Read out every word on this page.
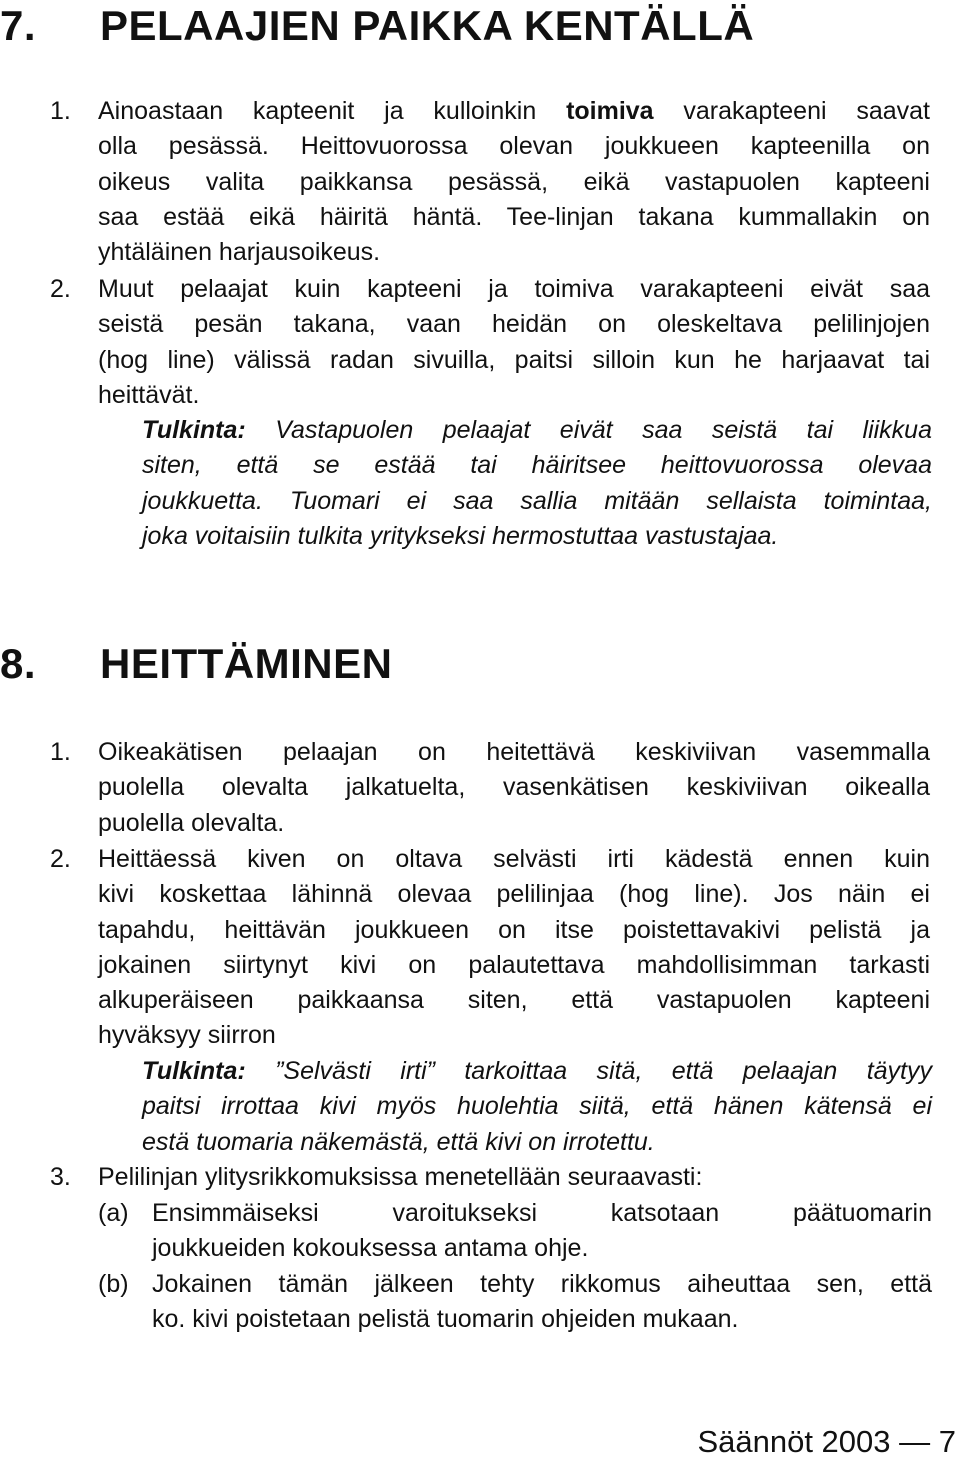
7. PELAAJIEN PAIKKA KENTÄLLÄ
1. Ainoastaan kapteenit ja kulloinkin toimiva varakapteeni saavat
olla pesässä. Heittovuorossa olevan joukkueen kapteenilla on
oikeus valita paikkansa pesässä, eikä vastapuolen kapteeni
saa estää eikä häiritä häntä. Tee-linjan takana kummallakin on
yhtäläinen harjausoikeus.
2. Muut pelaajat kuin kapteeni ja toimiva varakapteeni eivät saa
seistä pesän takana, vaan heidän on oleskeltava pelilinjojen
(hog line) välissä radan sivuilla, paitsi silloin kun he harjaavat tai
heittävät.
Tulkinta: Vastapuolen pelaajat eivät saa seistä tai liikkua
siten, että se estää tai häiritsee heittovuorossa olevaa
joukkuetta. Tuomari ei saa sallia mitään sellaista toimintaa,
joka voitaisiin tulkita yritykseksi hermostuttaa vastustajaa.
8. HEITTÄMINEN
1. Oikeakätisen pelaajan on heitettävä keskiviivan vasemmalla
puolella olevalta jalkatuelta, vasenkätisen keskiviivan oikealla
puolella olevalta.
2. Heittäessä kiven on oltava selvästi irti kädestä ennen kuin
kivi koskettaa lähinnä olevaa pelilinjaa (hog line). Jos näin ei
tapahdu, heittävän joukkueen on itse poistettavakivi pelistä ja
jokainen siirtynyt kivi on palautettava mahdollisimman tarkasti
alkuperäiseen paikkaansa siten, että vastapuolen kapteeni
hyväksyy siirron
Tulkinta: ”Selvästi irti” tarkoittaa sitä, että pelaajan täytyy
paitsi irrottaa kivi myös huolehtia siitä, että hänen kätensä ei
estä tuomaria näkemästä, että kivi on irrotettu.
3. Pelilinjan ylitysrikkomuksissa menetellään seuraavasti:
(a) Ensimmäiseksi varoitukseksi katsotaan päätuomarin
joukkueiden kokouksessa antama ohje.
(b) Jokainen tämän jälkeen tehty rikkomus aiheuttaa sen, että
ko. kivi poistetaan pelistä tuomarin ohjeiden mukaan.
Säännöt 2003 — 7
